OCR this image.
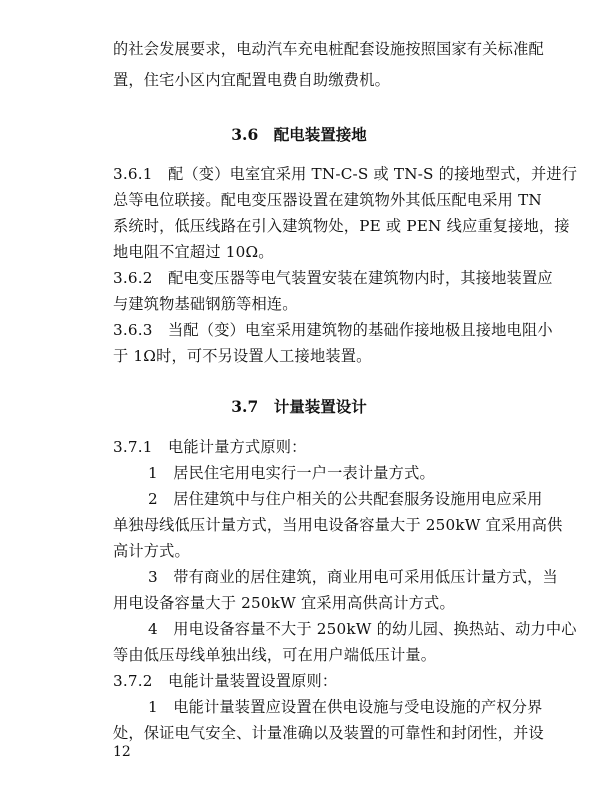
的社会发展要求，电动汽车充电桩配套设施按照国家有关标准配
置，住宅小区内宜配置电费自助缴费机。
3.6　配电装置接地
3.6.1　配（变）电室宜采用 TN-C-S 或 TN-S 的接地型式，并进行
总等电位联接。配电变压器设置在建筑物外其低压配电采用 TN
系统时，低压线路在引入建筑物处，PE 或 PEN 线应重复接地，接
地电阻不宜超过 10Ω。
3.6.2　配电变压器等电气装置安装在建筑物内时，其接地装置应
与建筑物基础钢筋等相连。
3.6.3　当配（变）电室采用建筑物的基础作接地极且接地电阻小
于 1Ω时，可不另设置人工接地装置。
3.7　计量装置设计
3.7.1　电能计量方式原则：
1　居民住宅用电实行一户一表计量方式。
2　居住建筑中与住户相关的公共配套服务设施用电应采用
单独母线低压计量方式，当用电设备容量大于 250kW 宜采用高供
高计方式。
3　带有商业的居住建筑，商业用电可采用低压计量方式，当
用电设备容量大于 250kW 宜采用高供高计方式。
4　用电设备容量不大于 250kW 的幼儿园、换热站、动力中心
等由低压母线单独出线，可在用户端低压计量。
3.7.2　电能计量装置设置原则：
1　电能计量装置应设置在供电设施与受电设施的产权分界
处，保证电气安全、计量准确以及装置的可靠性和封闭性，并设
12
